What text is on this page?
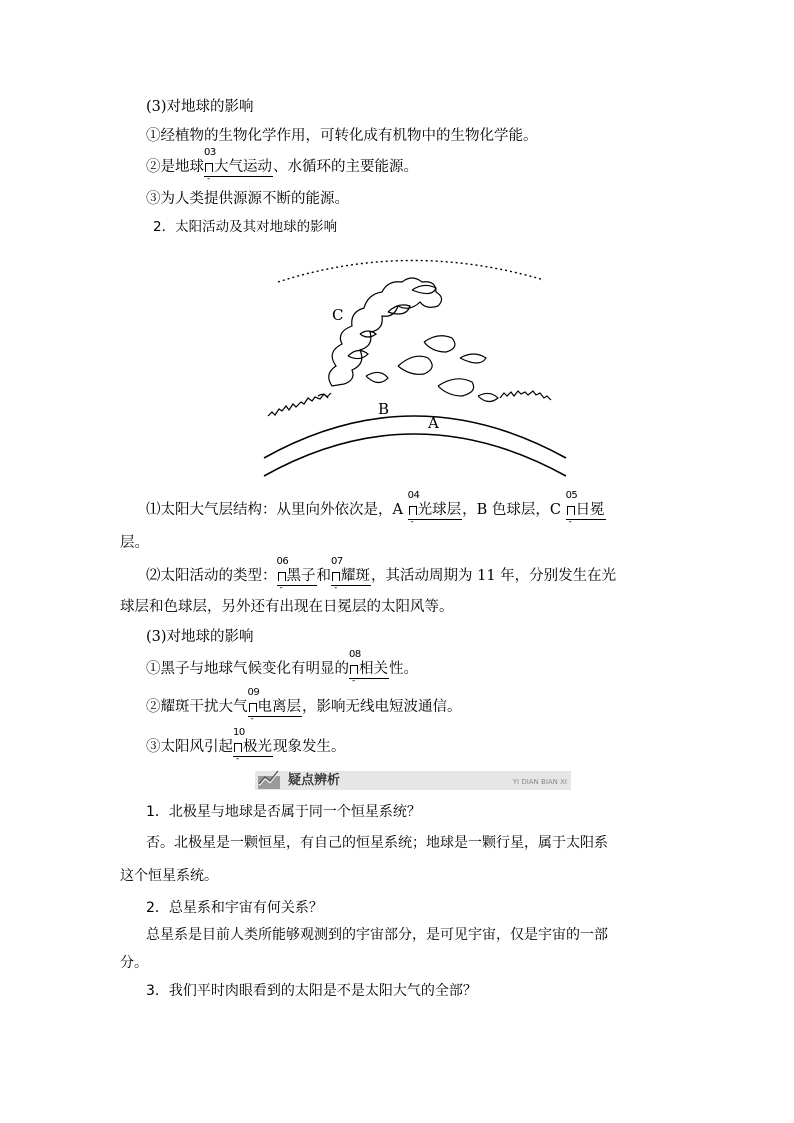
(3)对地球的影响
①经植物的生物化学作用，可转化成有机物中的生物化学能。
②是地球
03
-
大气运动、水循环的主要能源。
③为人类提供源源不断的能源。
2．太阳活动及其对地球的影响
C
B
A
⑴太阳大气层结构：从里向外依次是，A
04
-
光球层，B 色球层，C
05
-
日冕
层。
⑵太阳活动的类型：
06
-
黑子和
07
-
耀斑，其活动周期为 11 年，分别发生在光
球层和色球层，另外还有出现在日冕层的太阳风等。
(3)对地球的影响
①黑子与地球气候变化有明显的
08
-
相关性。
②耀斑干扰大气
09
-
电离层，影响无线电短波通信。
③太阳风引起
10
-
极光现象发生。
疑点辨析	YI DIAN BIAN XI
1．北极星与地球是否属于同一个恒星系统？
否。北极星是一颗恒星，有自己的恒星系统；地球是一颗行星，属于太阳系
这个恒星系统。
2．总星系和宇宙有何关系？
总星系是目前人类所能够观测到的宇宙部分，是可见宇宙，仅是宇宙的一部
分。
3．我们平时肉眼看到的太阳是不是太阳大气的全部？
